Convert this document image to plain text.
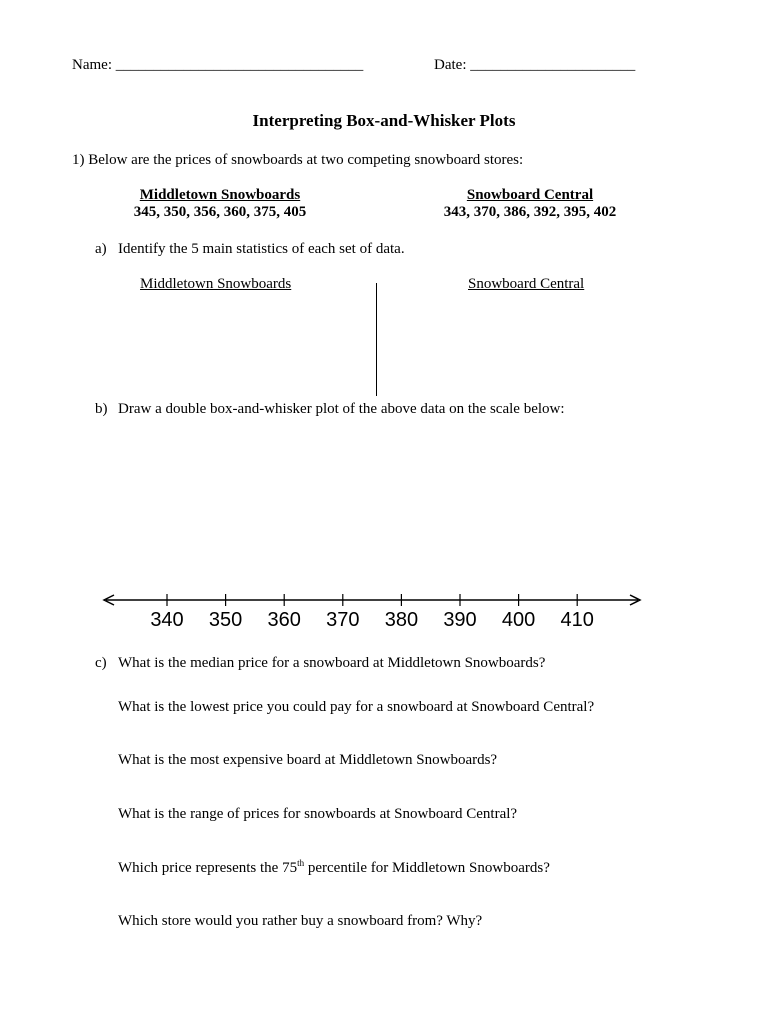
Name: _________________________________	Date: ______________________
Interpreting Box-and-Whisker Plots
1) Below are the prices of snowboards at two competing snowboard stores:
Middletown Snowboards
345, 350, 356, 360, 375, 405
Snowboard Central
343, 370, 386, 392, 395, 402
a) Identify the 5 main statistics of each set of data.
Middletown Snowboards	Snowboard Central
b) Draw a double box-and-whisker plot of the above data on the scale below:
340 350 360 370 380 390 400 410
c) What is the median price for a snowboard at Middletown Snowboards?
What is the lowest price you could pay for a snowboard at Snowboard Central?
What is the most expensive board at Middletown Snowboards?
What is the range of prices for snowboards at Snowboard Central?
Which price represents the 75th percentile for Middletown Snowboards?
Which store would you rather buy a snowboard from? Why?
